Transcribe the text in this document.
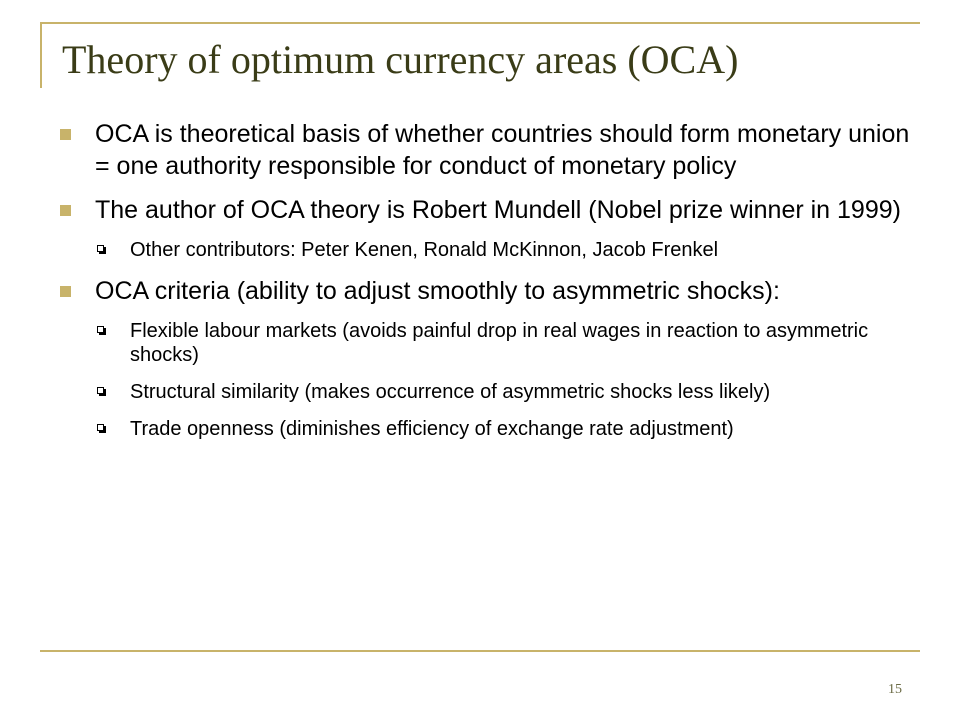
Theory of optimum currency areas (OCA)
OCA is theoretical basis of whether countries should form monetary union = one authority responsible for conduct of monetary policy
The author of OCA theory is Robert Mundell (Nobel prize winner in 1999)
Other contributors: Peter Kenen, Ronald McKinnon, Jacob Frenkel
OCA criteria (ability to adjust smoothly to asymmetric shocks):
Flexible labour markets (avoids painful drop in real wages in reaction to asymmetric shocks)
Structural similarity (makes occurrence of asymmetric shocks less likely)
Trade openness (diminishes efficiency of exchange rate adjustment)
15
